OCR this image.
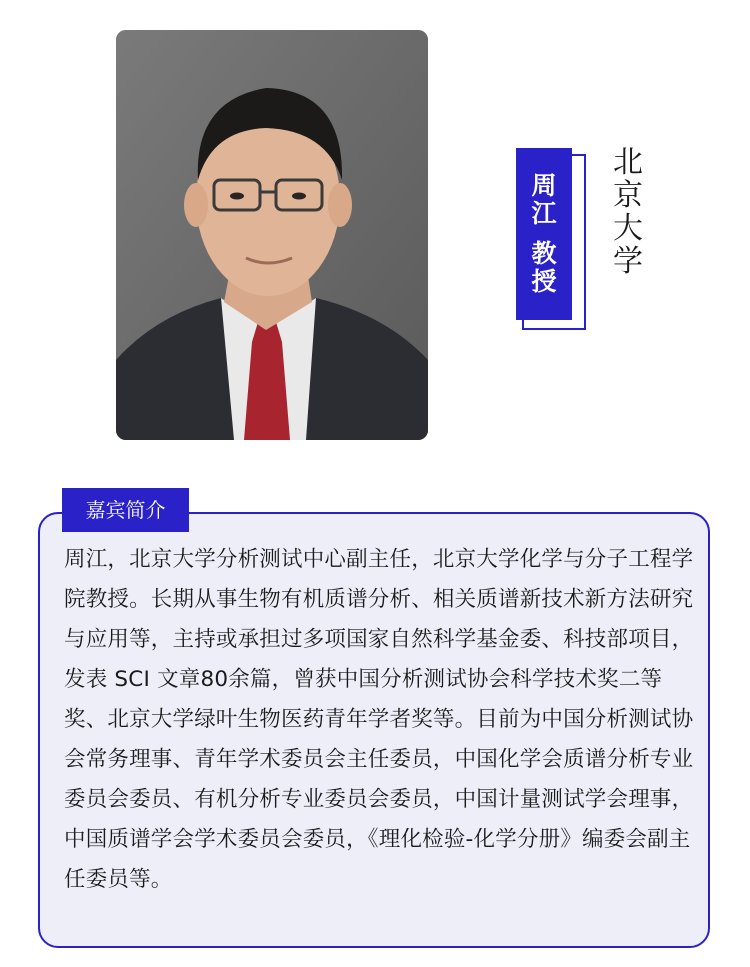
周
江
教
授
北
京
大
学
嘉宾简介

周江，北京大学分析测试中心副主任，北京大学化学与分子工程学院教授。长期从事生物有机质谱分析、相关质谱新技术新方法研究与应用等，主持或承担过多项国家自然科学基金委、科技部项目，发表 SCI 文章80余篇，曾获中国分析测试协会科学技术奖二等奖、北京大学绿叶生物医药青年学者奖等。目前为中国分析测试协会常务理事、青年学术委员会主任委员，中国化学会质谱分析专业委员会委员、有机分析专业委员会委员，中国计量测试学会理事，中国质谱学会学术委员会委员，《理化检验-化学分册》编委会副主任委员等。
